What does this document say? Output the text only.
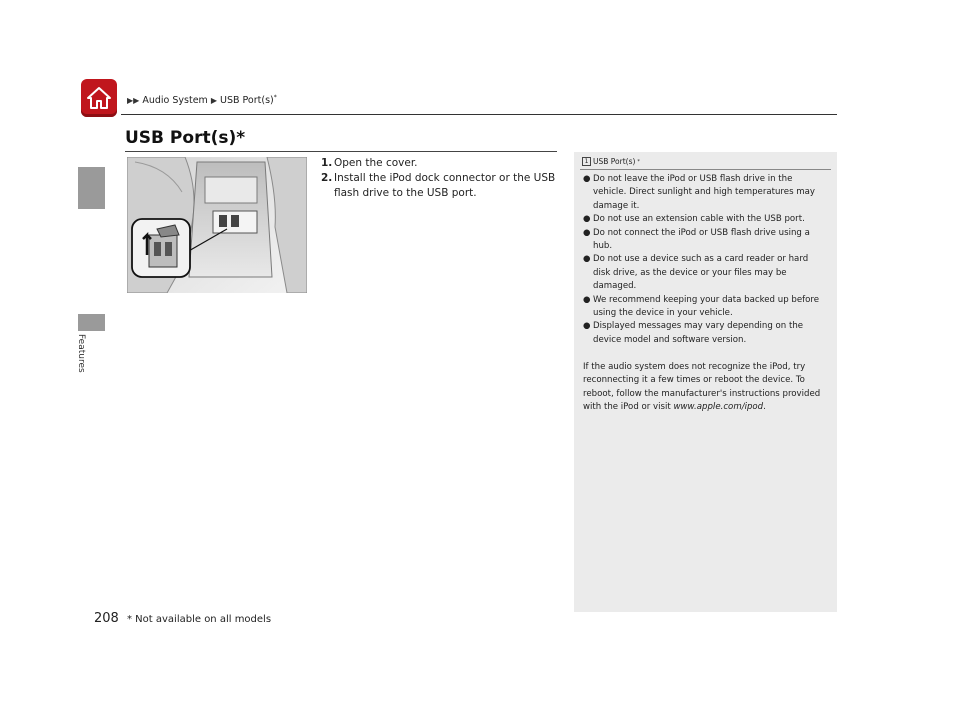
▶▶ Audio System ▶ USB Port(s)*
Features
USB Port(s)*
1. Open the cover.
2. Install the iPod dock connector or the USB flash drive to the USB port.
1 USB Port(s) *
● Do not leave the iPod or USB flash drive in the vehicle. Direct sunlight and high temperatures may damage it.
● Do not use an extension cable with the USB port.
● Do not connect the iPod or USB flash drive using a hub.
● Do not use a device such as a card reader or hard disk drive, as the device or your files may be damaged.
● We recommend keeping your data backed up before using the device in your vehicle.
● Displayed messages may vary depending on the device model and software version.

If the audio system does not recognize the iPod, try reconnecting it a few times or reboot the device. To reboot, follow the manufacturer's instructions provided with the iPod or visit www.apple.com/ipod.

208 * Not available on all models
